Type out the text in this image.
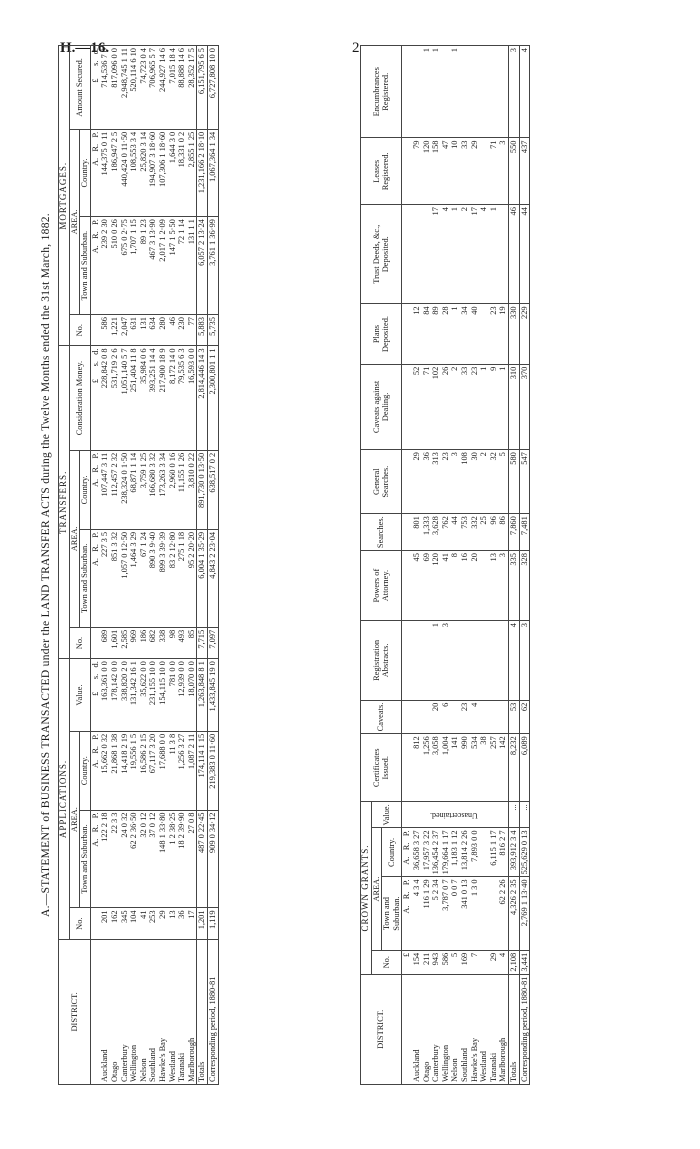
H.—16.	2
A.—STATEMENT of BUSINESS TRANSACTED under the LAND TRANSFER ACTS during the Twelve Months ended the 31st March, 1882.
DISTRICT.	APPLICATIONS.				TRANSFERS.				MORTGAGES.			
	No.	AREA.		Value.	No.	AREA.		Consideration Money.	No.	AREA.		Amount Secured.
		Town and Suburban.	Country.			Town and Suburban.	Country.			Town and Suburban.	Country.	
		A.   R.   P.	A.   R.   P.	£      s.   d.		A.   R.   P.	A.   R.   P.	£      s.   d.		A.   R.   P.	A.   R.   P.	£      s.   d.
Auckland	201	122 2 18	15,662 0 32	163,361 0 0	689	227 3 5	107,447 3 11	228,842 0 8	586	239 2 30	144,375 0 11	714,536 7 0
Otago	162	22 3 3	21,868 1 38	178,142 0 0	1,601	851 3 32	112,457 2 32	531,719 2 6	1,221	510 0 26	186,947 2 5	817,096 0 0
Canterbury	345	24 0 32	14,418 2 19	338,820 2 0	2,585	1,057 0 12·50	238,324 0 1·50	1,051,140 5 7	2,047	675 0 2·75	440,424 0 11·50	2,948,745 1 11
Wellington	104	62 2 36·50	19,556 1 5	131,342 16 1	969	1,464 3 29	68,871 1 14	251,404 11 8	631	1,707 1 15	108,553 3 4	520,114 6 10
Nelson	41	32 0 12	16,586 2 15	35,622 0 0	186	67 1 24	3,759 1 25	35,984 0 6	131	89 1 23	25,820 3 14	74,723 0 4
Southland	253	37 0 12	67,117 3 20	231,155 10 0	682	890 3 9·40	166,680 3 32	393,251 14 4	634	467 3 13·90	194,907 3 18·60	706,965 5 7
Hawke's Bay	29	148 1 33·80	17,688 0 0	154,115 10 0	338	899 3 39·39	173,263 3 34	217,900 18 9	280	2,017 1 2·09	107,306 1 18·60	244,927 14 6
Westland	13	1 2 38·25	11 3 8	781 0 0	98	83 2 12·80	2,960 0 16	8,172 14 0	46	147 1 5·50	1,644 3 0	7,015 18 4
Taranaki	36	18 2 39·90	1,256 3 27	12,939 0 0	493	275 1 18	11,155 1 26	79,535 6 3	230	72 1 14	18,331 0 2	88,888 14 6
Marlborough	17	27 0 8	1,087 2 11	18,070 0 0	85	95 2 20·20	3,810 0 22	16,593 0 0	77	131 1 1	2,855 1 25	28,352 17 5
Totals	1,201	487 0 22·45	174,114 1 15	1,263,848 8 1	7,715	6,004 1 35·29	891,730 0 13·50	2,814,446 14 3	5,883	6,057 2 13·24	1,231,166 2 18·10	6,151,795 6 5
Corresponding period, 1880-81	1,119	909 0 34·12	219,383 0 11·60	1,433,845 19 0	7,097	4,843 2 23·04	638,517 0 2	2,300,801 1 1	5,735	3,761 1 36·99	1,067,364 1 34	6,727,808 10 0
DISTRICT.	CROWN GRANTS.				Certificates Issued.	Caveats.	Registration Abstracts.	Powers of Attorney.	Searches.	General Searches.	Caveats against Dealing.	Plans Deposited.	Trust Deeds, &c., Deposited.	Leases Registered.	Encumbrances Registered.
	No.	AREA.		Value.											
		Town and Suburban.	Country.												
	£	A.   R.   P.	A.   R.   P.	Unascertained.											
Auckland	154	4 3 4	36,658 3 27		812			45	801	29	52	12		79	
Otago	211	116 1 29	17,957 3 22		1,256			69	1,333	36	71	84		120	1
Canterbury	943	5 2 34	136,454 2 37		3,058	20	1	120	3,628	313	102	89	17	158	1
Wellington	586	3,787 0 7	179,664 1 17		1,004	6	3	41	762	23	26	28	4	47	
Nelson	5	0 0 7	1,183 1 12		141			8	44	3	2	1	1	10	1
Southland	169	341 0 13	13,814 2 26		990	23		16	753	108	33	34	2	33	
Hawke's Bay	7	1 3 0	7,893 0 0		534	4		20	332	30	23	40	17	29	
Westland					38				25	2	1		4		
Taranaki	29		6,115 1 17		257			13	96	32	9	23	1	71	
Marlborough	4	62 2 26	816 2 7		142			3	86	5	1	19		3	
Totals	2,108	4,326 2 35	393,912 3 4	...	8,232	53	4	335	7,860	580	310	330	46	550	3
Corresponding period, 1880-81	3,441	2,769 1 13·40	525,629 0 13	...	6,089	62	3	328	7,481	547	370	229	44	437	4
